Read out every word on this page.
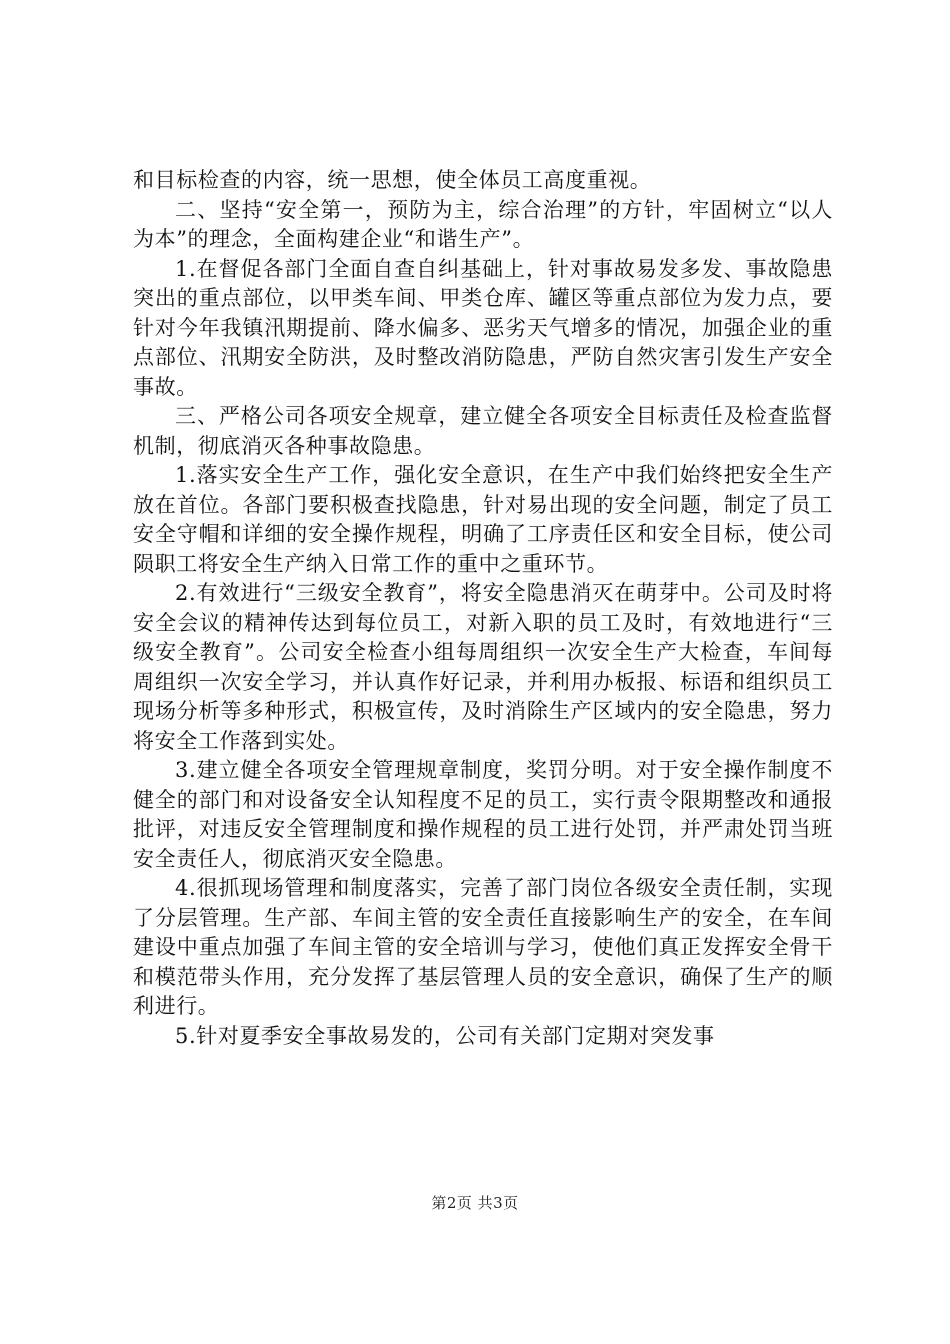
和目标检查的内容，统一思想，使全体员工高度重视。

二、坚持“安全第一，预防为主，综合治理”的方针，牢固树立“以人为本”的理念，全面构建企业“和谐生产”。

1.在督促各部门全面自查自纠基础上，针对事故易发多发、事故隐患突出的重点部位，以甲类车间、甲类仓库、罐区等重点部位为发力点，要针对今年我镇汛期提前、降水偏多、恶劣天气增多的情况，加强企业的重点部位、汛期安全防洪，及时整改消防隐患，严防自然灾害引发生产安全事故。

三、严格公司各项安全规章，建立健全各项安全目标责任及检查监督机制，彻底消灭各种事故隐患。

1.落实安全生产工作，强化安全意识，在生产中我们始终把安全生产放在首位。各部门要积极查找隐患，针对易出现的安全问题，制定了员工安全守帽和详细的安全操作规程，明确了工序责任区和安全目标，使公司陨职工将安全生产纳入日常工作的重中之重环节。

2.有效进行“三级安全教育”，将安全隐患消灭在萌芽中。公司及时将安全会议的精神传达到每位员工，对新入职的员工及时，有效地进行“三级安全教育”。公司安全检查小组每周组织一次安全生产大检查，车间每周组织一次安全学习，并认真作好记录，并利用办板报、标语和组织员工现场分析等多种形式，积极宣传，及时消除生产区域内的安全隐患，努力将安全工作落到实处。

3.建立健全各项安全管理规章制度，奖罚分明。对于安全操作制度不健全的部门和对设备安全认知程度不足的员工，实行责令限期整改和通报批评，对违反安全管理制度和操作规程的员工进行处罚，并严肃处罚当班安全责任人，彻底消灭安全隐患。

4.很抓现场管理和制度落实，完善了部门岗位各级安全责任制，实现了分层管理。生产部、车间主管的安全责任直接影响生产的安全，在车间建设中重点加强了车间主管的安全培训与学习，使他们真正发挥安全骨干和模范带头作用，充分发挥了基层管理人员的安全意识，确保了生产的顺利进行。

5.针对夏季安全事故易发的，公司有关部门定期对突发事

第2页 共3页
